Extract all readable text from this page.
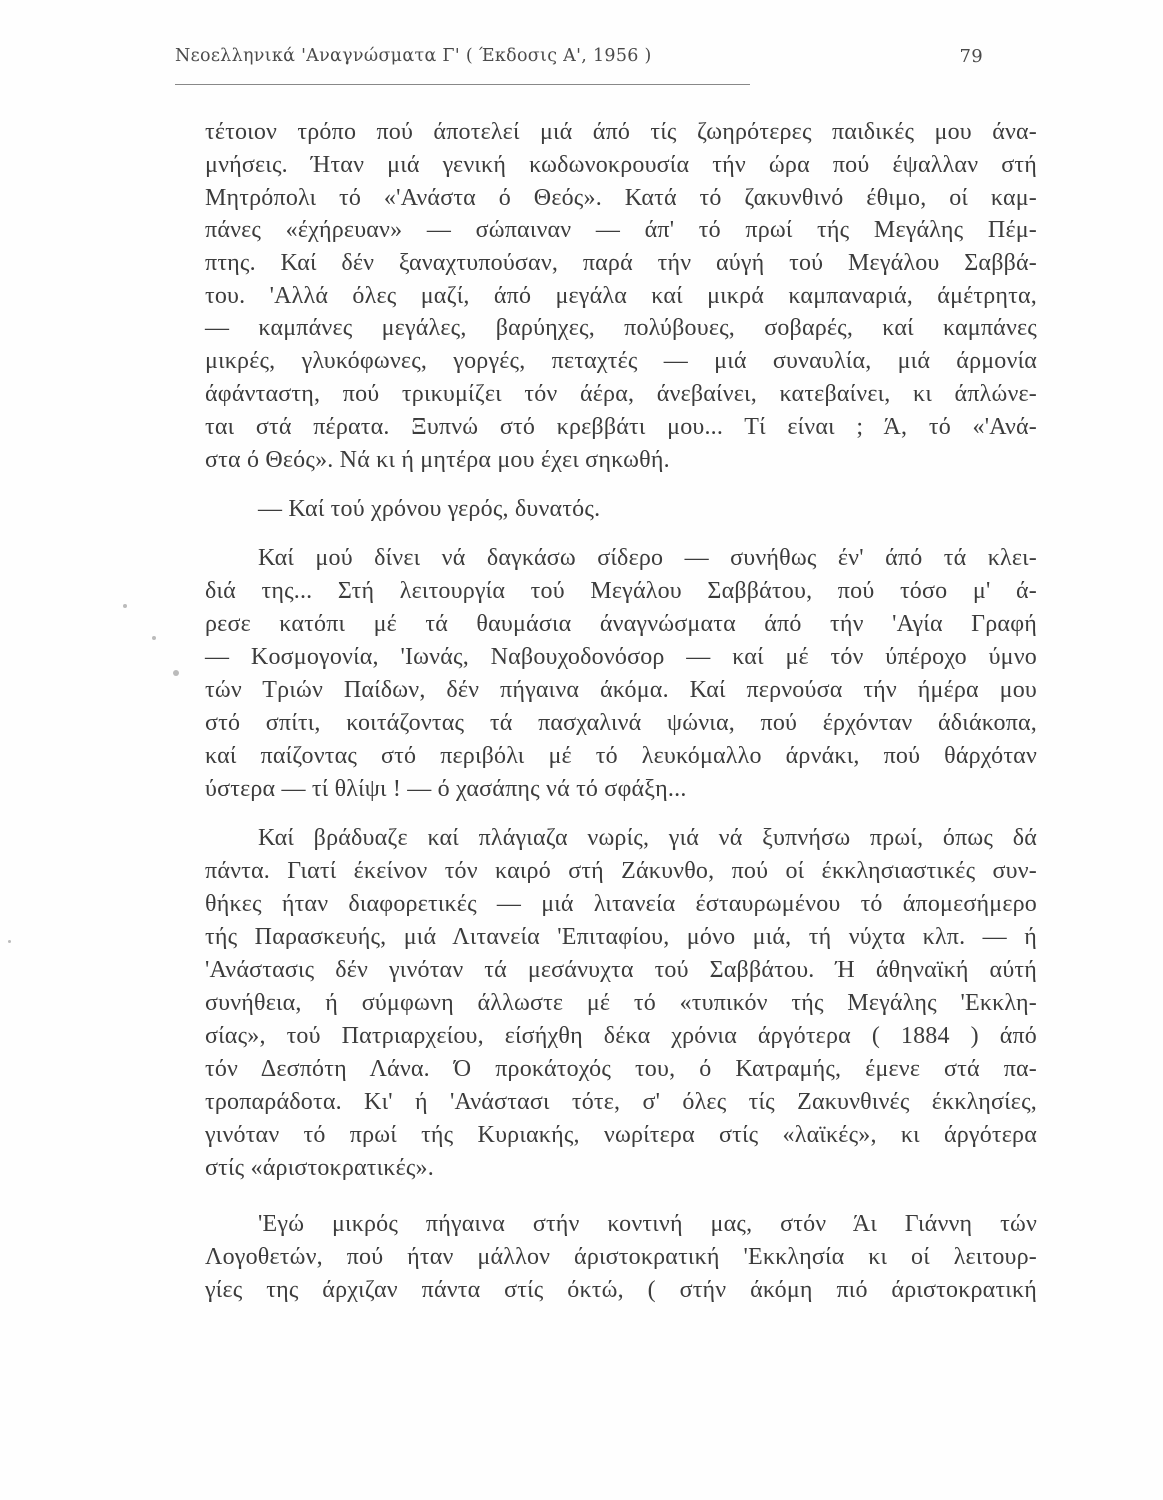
Νεοελληνικά 'Αναγνώσματα Γ' ( Έκδοσις Α', 1956 )	79
τέτοιον τρόπο πού άποτελεί μιά άπό τίς ζωηρότερες παιδικές μου άνα-
μνήσεις. Ήταν μιά γενική κωδωνοκρουσία τήν ώρα πού έψαλλαν στή
Μητρόπολι τό «'Ανάστα ό Θεός». Κατά τό ζακυνθινό έθιμο, οί καμ-
πάνες «έχήρευαν» — σώπαιναν — άπ' τό πρωί τής Μεγάλης Πέμ-
πτης. Καί δέν ξαναχτυπούσαν, παρά τήν αύγή τού Μεγάλου Σαββά-
του. 'Αλλά όλες μαζί, άπό μεγάλα καί μικρά καμπαναριά, άμέτρητα,
— καμπάνες μεγάλες, βαρύηχες, πολύβουες, σοβαρές, καί καμπάνες
μικρές, γλυκόφωνες, γοργές, πεταχτές — μιά συναυλία, μιά άρμονία
άφάνταστη, πού τρικυμίζει τόν άέρα, άνεβαίνει, κατεβαίνει, κι άπλώνε-
ται στά πέρατα. Ξυπνώ στό κρεββάτι μου... Τί είναι ; Ά, τό «'Ανά-
στα ό Θεός». Νά κι ή μητέρα μου έχει σηκωθή.
— Καί τού χρόνου γερός, δυνατός.
Καί μού δίνει νά δαγκάσω σίδερο — συνήθως έν' άπό τά κλει-
διά της... Στή λειτουργία τού Μεγάλου Σαββάτου, πού τόσο μ' ά-
ρεσε κατόπι μέ τά θαυμάσια άναγνώσματα άπό τήν 'Αγία Γραφή
— Κοσμογονία, 'Ιωνάς, Ναβουχοδονόσορ — καί μέ τόν ύπέροχο ύμνο
τών Τριών Παίδων, δέν πήγαινα άκόμα. Καί περνούσα τήν ήμέρα μου
στό σπίτι, κοιτάζοντας τά πασχαλινά ψώνια, πού έρχόνταν άδιάκοπα,
καί παίζοντας στό περιβόλι μέ τό λευκόμαλλο άρνάκι, πού θάρχόταν
ύστερα — τί θλίψι ! — ό χασάπης νά τό σφάξη...
Καί βράδυαζε καί πλάγιαζα νωρίς, γιά νά ξυπνήσω πρωί, όπως δά
πάντα. Γιατί έκείνον τόν καιρό στή Ζάκυνθο, πού οί έκκλησιαστικές συν-
θήκες ήταν διαφορετικές — μιά λιτανεία έσταυρωμένου τό άπομεσήμερο
τής Παρασκευής, μιά Λιτανεία 'Επιταφίου, μόνο μιά, τή νύχτα κλπ. — ή
'Ανάστασις δέν γινόταν τά μεσάνυχτα τού Σαββάτου. Ή άθηναϊκή αύτή
συνήθεια, ή σύμφωνη άλλωστε μέ τό «τυπικόν τής Μεγάλης 'Εκκλη-
σίας», τού Πατριαρχείου, είσήχθη δέκα χρόνια άργότερα ( 1884 ) άπό
τόν Δεσπότη Λάνα. Ό προκάτοχός του, ό Κατραμής, έμενε στά πα-
τροπαράδοτα. Κι' ή 'Ανάστασι τότε, σ' όλες τίς Ζακυνθινές έκκλησίες,
γινόταν τό πρωί τής Κυριακής, νωρίτερα στίς «λαϊκές», κι άργότερα
στίς «άριστοκρατικές».
'Εγώ μικρός πήγαινα στήν κοντινή μας, στόν Άι Γιάννη τών
Λογοθετών, πού ήταν μάλλον άριστοκρατική 'Εκκλησία κι οί λειτουρ-
γίες της άρχιζαν πάντα στίς όκτώ, ( στήν άκόμη πιό άριστοκρατική
